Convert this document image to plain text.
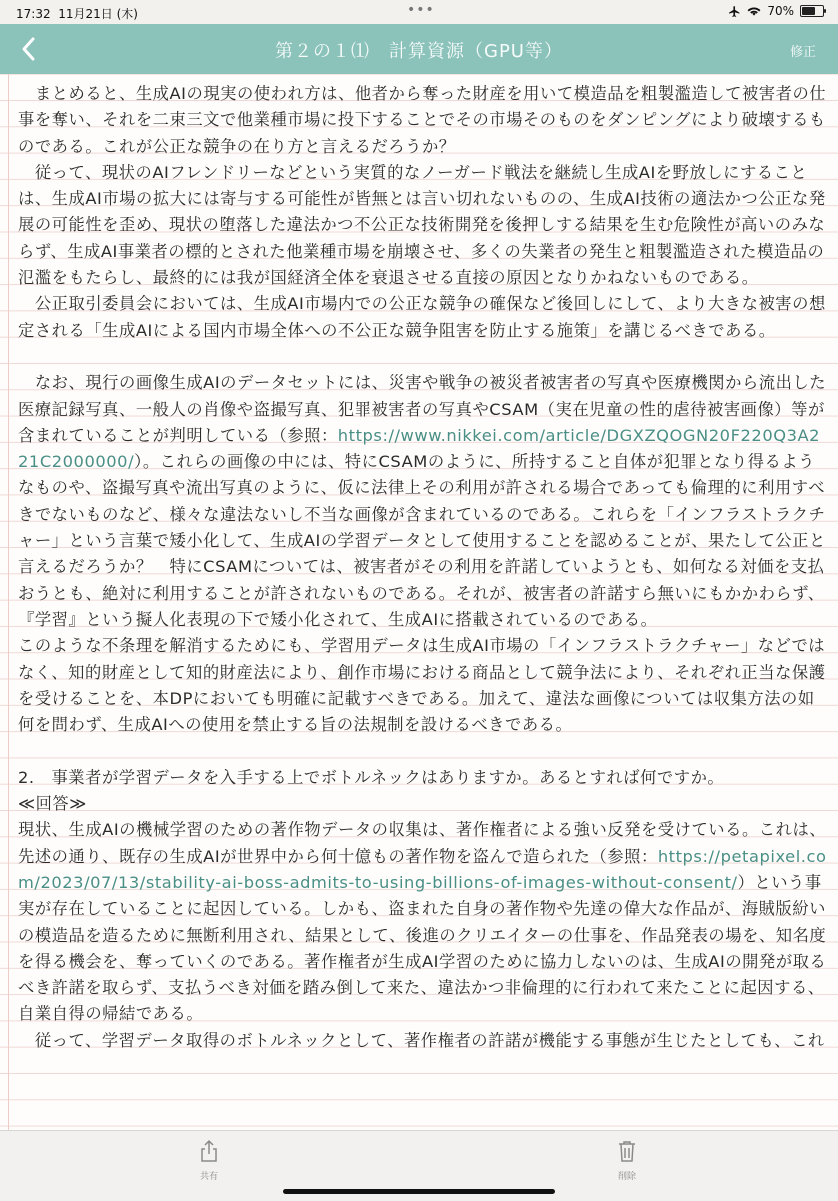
17:32 11月21日 (木)	•••	70%
第２の１⑴　計算資源（GPU等）	修正

　まとめると、生成AIの現実の使われ方は、他者から奪った財産を用いて模造品を粗製濫造して被害者の仕事を奪い、それを二束三文で他業種市場に投下することでその市場そのものをダンピングにより破壊するものである。これが公正な競争の在り方と言えるだろうか？

　従って、現状のAIフレンドリーなどという実質的なノーガード戦法を継続し生成AIを野放しにすることは、生成AI市場の拡大には寄与する可能性が皆無とは言い切れないものの、生成AI技術の適法かつ公正な発展の可能性を歪め、現状の堕落した違法かつ不公正な技術開発を後押しする結果を生む危険性が高いのみならず、生成AI事業者の標的とされた他業種市場を崩壊させ、多くの失業者の発生と粗製濫造された模造品の氾濫をもたらし、最終的には我が国経済全体を衰退させる直接の原因となりかねないものである。

　公正取引委員会においては、生成AI市場内での公正な競争の確保など後回しにして、より大きな被害の想定される「生成AIによる国内市場全体への不公正な競争阻害を防止する施策」を講じるべきである。

　なお、現行の画像生成AIのデータセットには、災害や戦争の被災者被害者の写真や医療機関から流出した医療記録写真、一般人の肖像や盗撮写真、犯罪被害者の写真やCSAM（実在児童の性的虐待被害画像）等が含まれていることが判明している（参照：https://www.nikkei.com/article/DGXZQOGN20F220Q3A221C2000000/）。これらの画像の中には、特にCSAMのように、所持すること自体が犯罪となり得るようなものや、盗撮写真や流出写真のように、仮に法律上その利用が許される場合であっても倫理的に利用すべきでないものなど、様々な違法ないし不当な画像が含まれているのである。これらを「インフラストラクチャー」という言葉で矮小化して、生成AIの学習データとして使用することを認めることが、果たして公正と言えるだろうか？　特にCSAMについては、被害者がその利用を許諾していようとも、如何なる対価を支払おうとも、絶対に利用することが許されないものである。それが、被害者の許諾すら無いにもかかわらず、『学習』という擬人化表現の下で矮小化されて、生成AIに搭載されているのである。

このような不条理を解消するためにも、学習用データは生成AI市場の「インフラストラクチャー」などではなく、知的財産として知的財産法により、創作市場における商品として競争法により、それぞれ正当な保護を受けることを、本DPにおいても明確に記載すべきである。加えて、違法な画像については収集方法の如何を問わず、生成AIへの使用を禁止する旨の法規制を設けるべきである。

2.　事業者が学習データを入手する上でボトルネックはありますか。あるとすれば何ですか。

≪回答≫

現状、生成AIの機械学習のための著作物データの収集は、著作権者による強い反発を受けている。これは、先述の通り、既存の生成AIが世界中から何十億もの著作物を盗んで造られた（参照：https://petapixel.com/2023/07/13/stability-ai-boss-admits-to-using-billions-of-images-without-consent/）という事実が存在していることに起因している。しかも、盗まれた自身の著作物や先達の偉大な作品が、海賊版紛いの模造品を造るために無断利用され、結果として、後進のクリエイターの仕事を、作品発表の場を、知名度を得る機会を、奪っていくのである。著作権者が生成AI学習のために協力しないのは、生成AIの開発が取るべき許諾を取らず、支払うべき対価を踏み倒して来た、違法かつ非倫理的に行われて来たことに起因する、自業自得の帰結である。

　従って、学習データ取得のボトルネックとして、著作権者の許諾が機能する事態が生じたとしても、これ

共有	削除
